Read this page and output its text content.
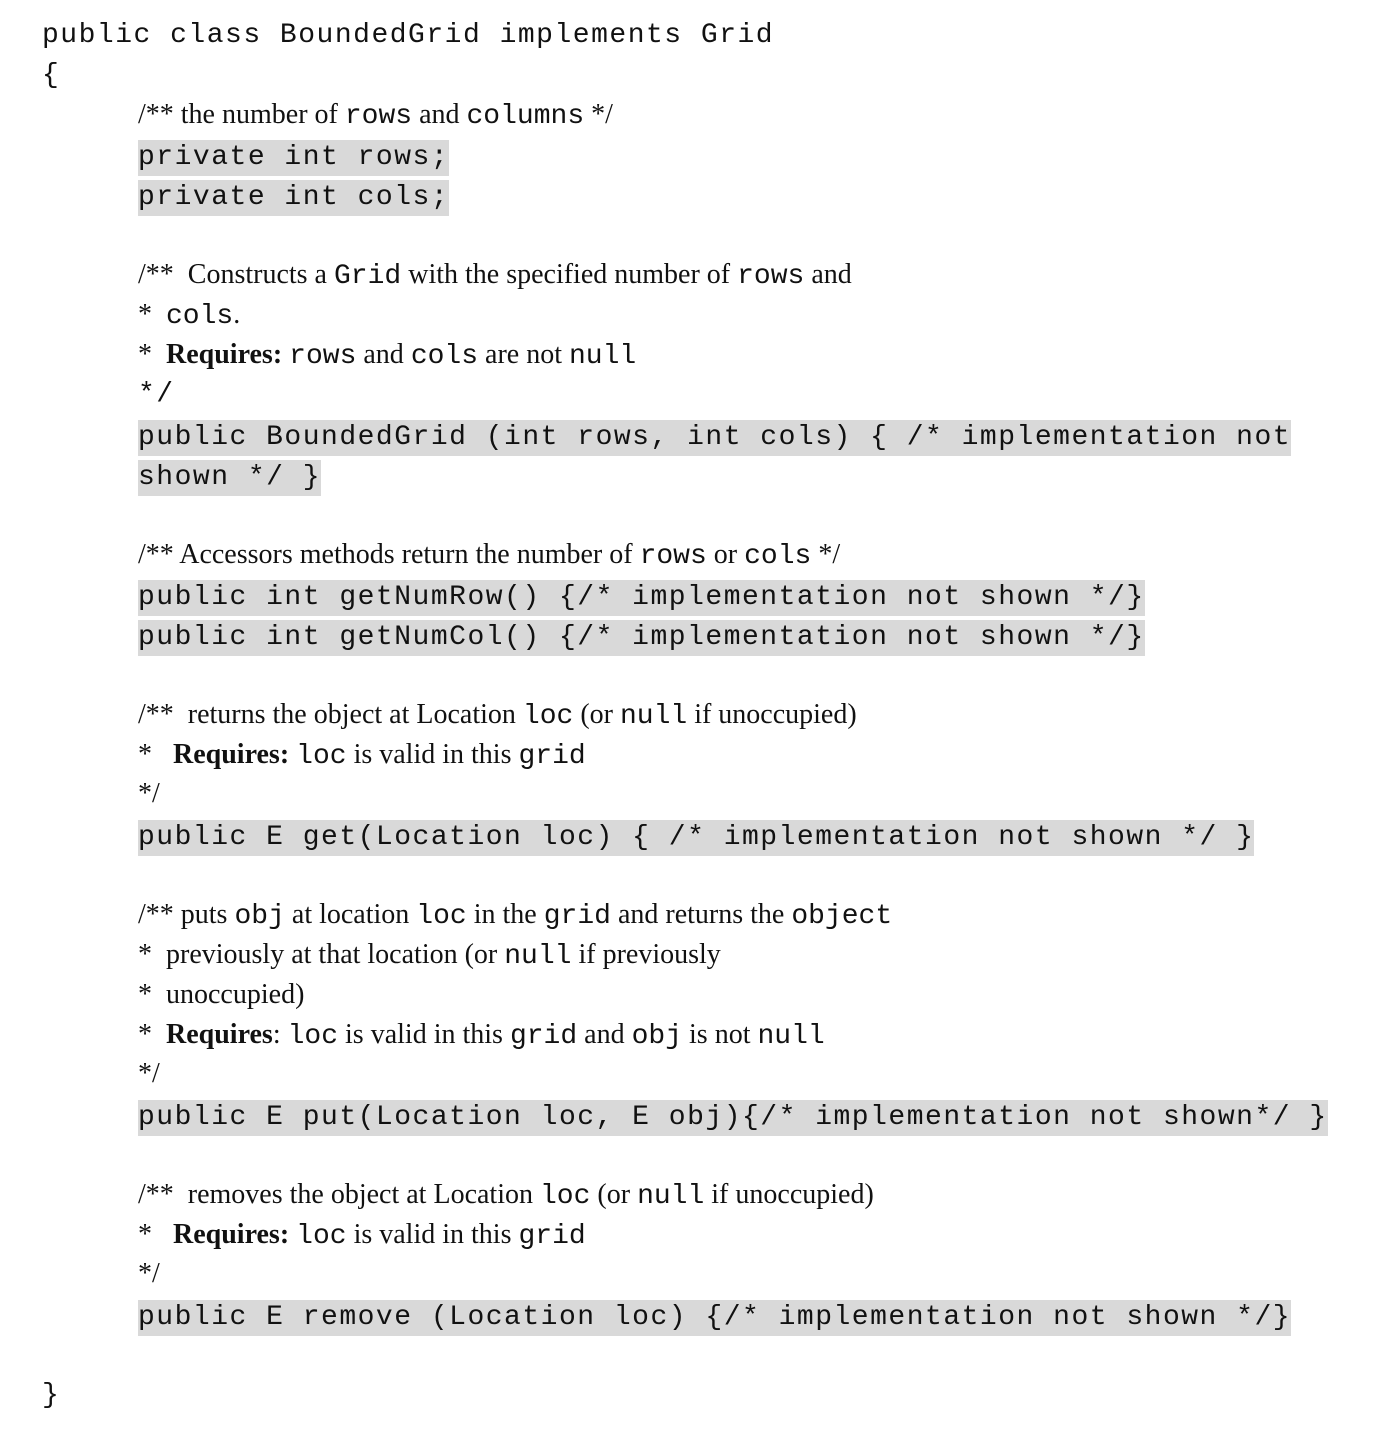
public class BoundedGrid implements Grid
{
/** the number of rows and columns */
private int rows;
private int cols;
/**  Constructs a Grid with the specified number of rows and
*  cols.
*  Requires: rows and cols are not null
*/
public BoundedGrid (int rows, int cols) { /* implementation not
shown */ }
/** Accessors methods return the number of rows or cols */
public int getNumRow() {/* implementation not shown */}
public int getNumCol() {/* implementation not shown */}
/**  returns the object at Location loc (or null if unoccupied)
*   Requires: loc is valid in this grid
*/
public E get(Location loc) { /* implementation not shown */ }
/** puts obj at location loc in the grid and returns the object
*  previously at that location (or null if previously
*  unoccupied)
*  Requires: loc is valid in this grid and obj is not null
*/
public E put(Location loc, E obj){/* implementation not shown*/ }
/**  removes the object at Location loc (or null if unoccupied)
*   Requires: loc is valid in this grid
*/
public E remove (Location loc) {/* implementation not shown */}
}
